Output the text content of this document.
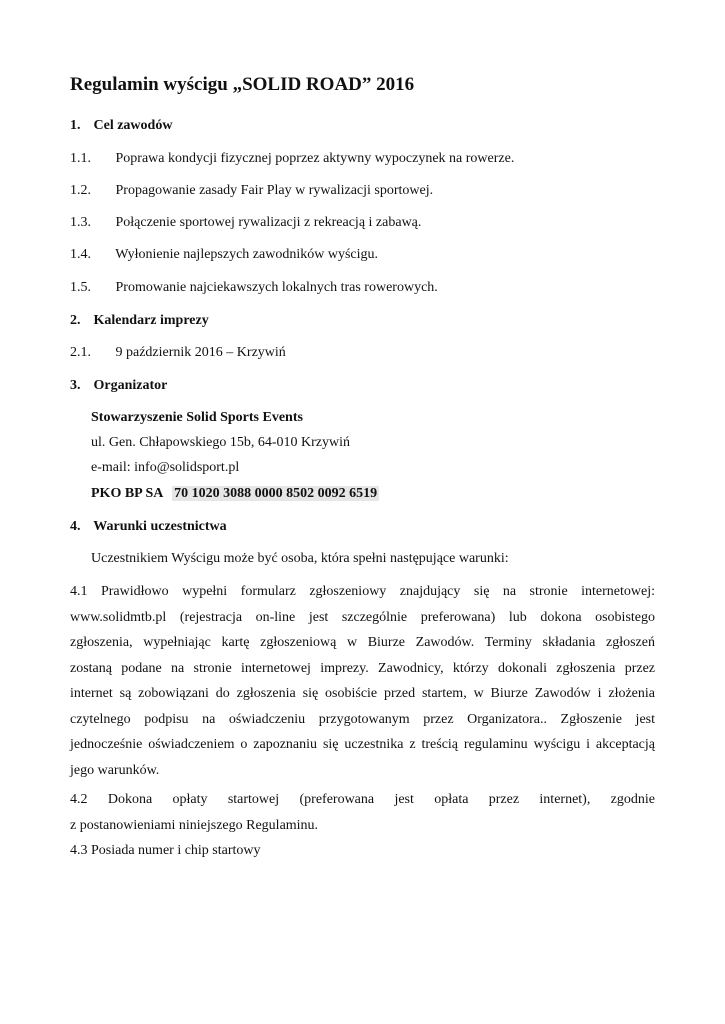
Regulamin wyścigu „SOLID ROAD” 2016
1. Cel zawodów
1.1. Poprawa kondycji fizycznej poprzez aktywny wypoczynek na rowerze.
1.2. Propagowanie zasady Fair Play w rywalizacji sportowej.
1.3. Połączenie sportowej rywalizacji z rekreacją i zabawą.
1.4. Wyłonienie najlepszych zawodników wyścigu.
1.5. Promowanie najciekawszych lokalnych tras rowerowych.
2. Kalendarz imprezy
2.1. 9 październik 2016 – Krzywiń
3. Organizator
Stowarzyszenie Solid Sports Events
ul. Gen. Chłapowskiego 15b, 64-010 Krzywiń
e-mail: info@solidsport.pl
PKO BP SA 70 1020 3088 0000 8502 0092 6519
4. Warunki uczestnictwa
Uczestnikiem Wyścigu może być osoba, która spełni następujące warunki:
4.1 Prawidłowo wypełni formularz zgłoszeniowy znajdujący się na stronie internetowej:
www.solidmtb.pl (rejestracja on-line jest szczególnie preferowana) lub dokona osobistego
zgłoszenia, wypełniając kartę zgłoszeniową w Biurze Zawodów. Terminy składania zgłoszeń
zostaną podane na stronie internetowej imprezy. Zawodnicy, którzy dokonali zgłoszenia przez
internet są zobowiązani do zgłoszenia się osobiście przed startem, w Biurze Zawodów i złożenia
czytelnego podpisu na oświadczeniu przygotowanym przez Organizatora.. Zgłoszenie jest
jednocześnie oświadczeniem o zapoznaniu się uczestnika z treścią regulaminu wyścigu i akceptacją
jego warunków.
4.2 Dokona opłaty startowej (preferowana jest opłata przez internet), zgodnie
z postanowieniami niniejszego Regulaminu.
4.3 Posiada numer i chip startowy
